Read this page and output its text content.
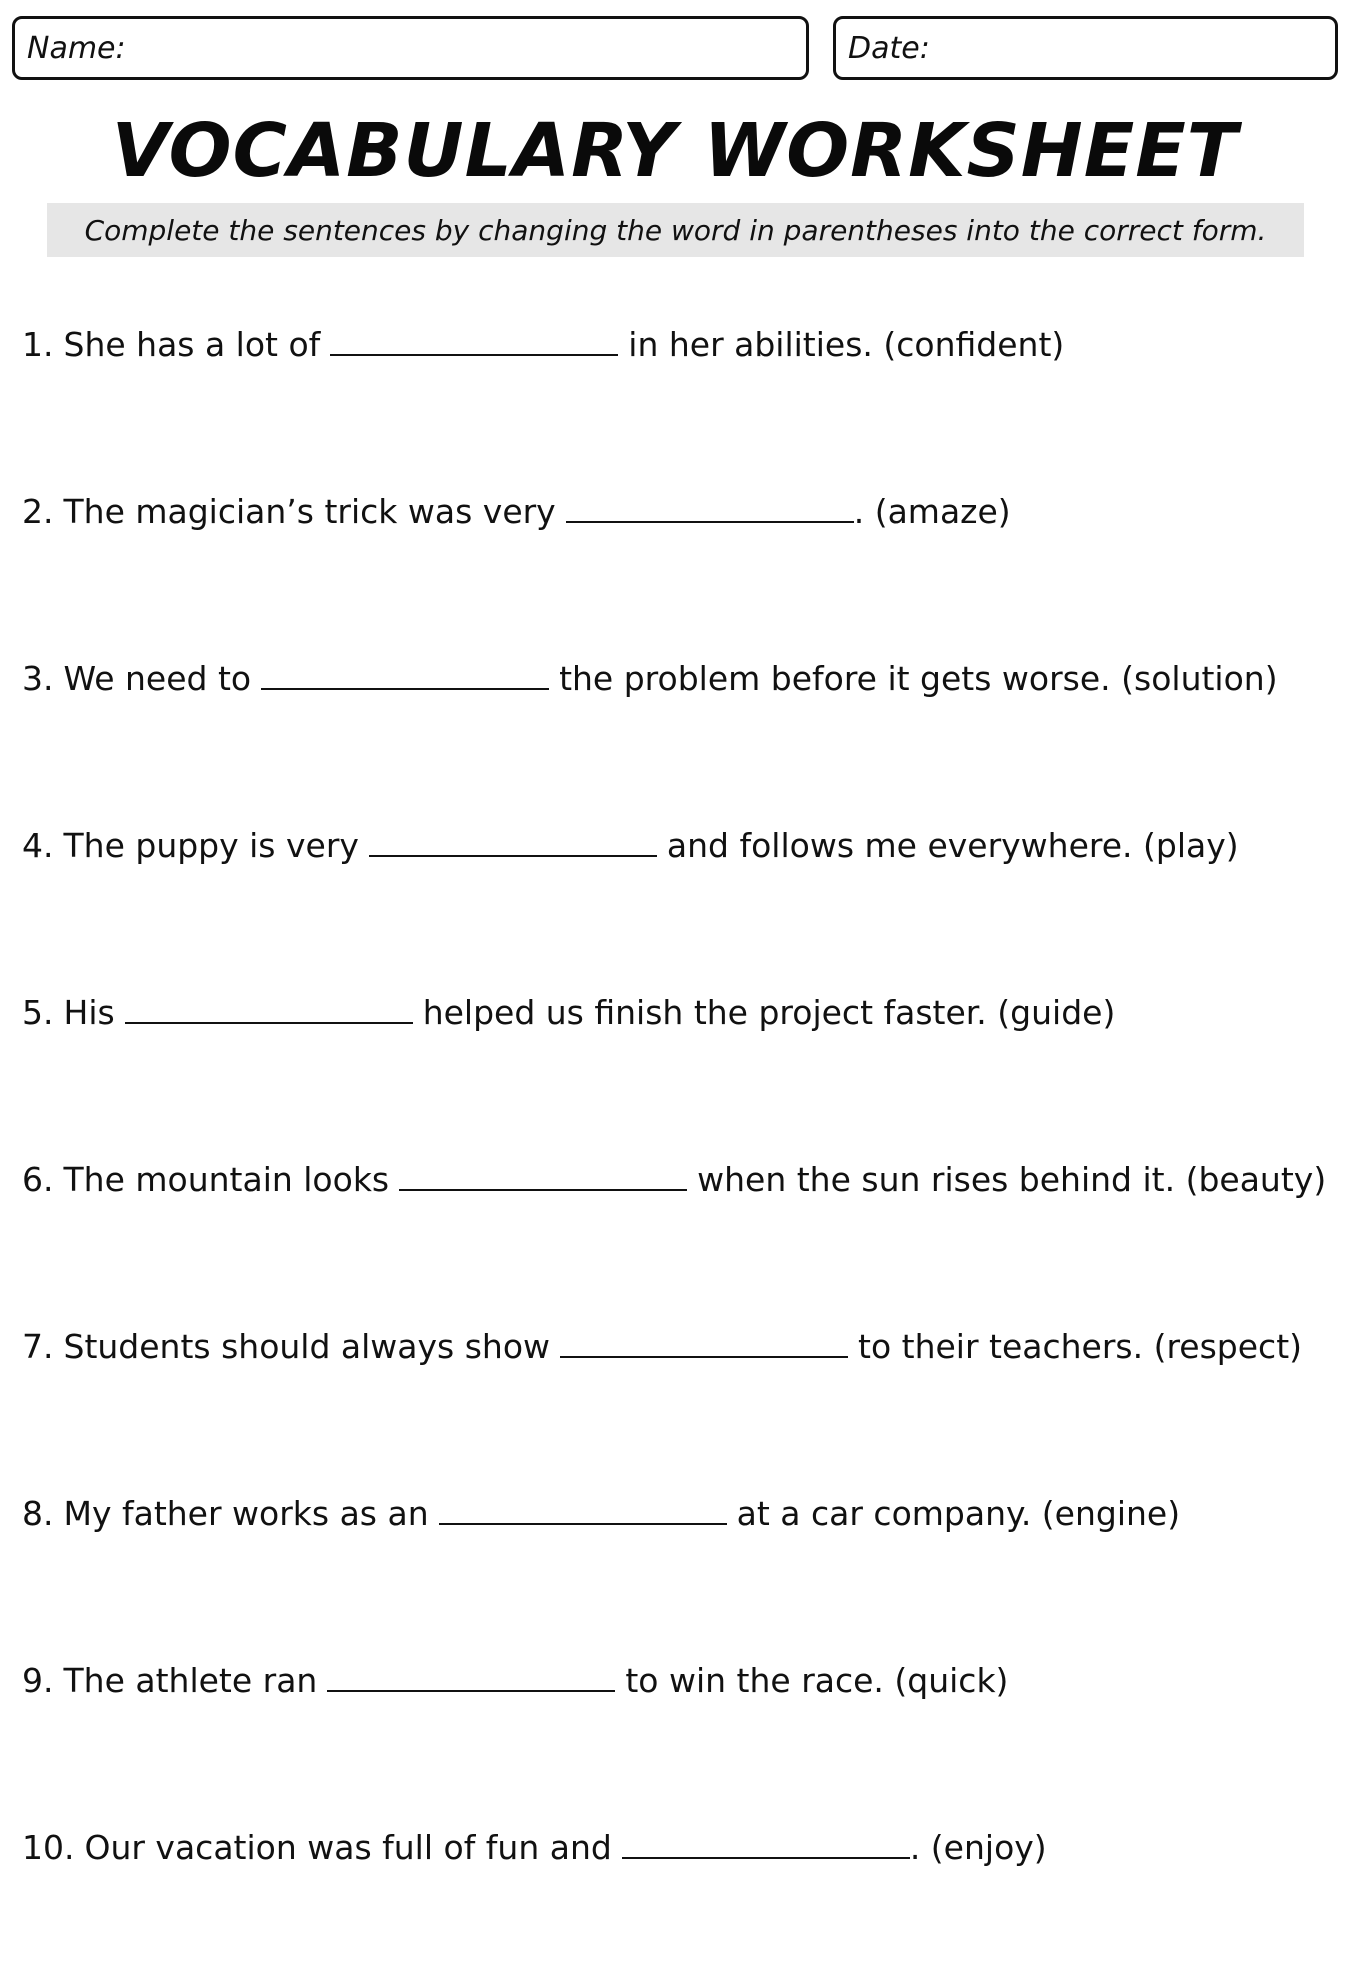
Name:	Date:
VOCABULARY WORKSHEET
Complete the sentences by changing the word in parentheses into the correct form.
1. She has a lot of	in her abilities. (confident)
2. The magician’s trick was very	. (amaze)
3. We need to	the problem before it gets worse. (solution)
4. The puppy is very	and follows me everywhere. (play)
5. His	helped us finish the project faster. (guide)
6. The mountain looks	when the sun rises behind it. (beauty)
7. Students should always show	to their teachers. (respect)
8. My father works as an	at a car company. (engine)
9. The athlete ran	to win the race. (quick)
10. Our vacation was full of fun and	. (enjoy)
